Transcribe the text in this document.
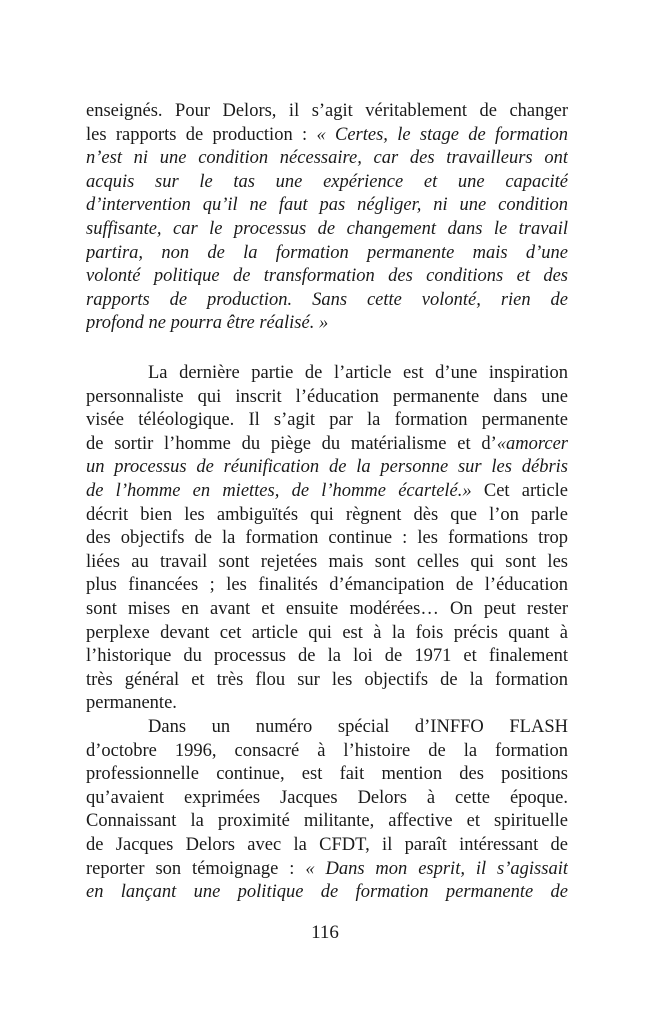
enseignés. Pour Delors, il s’agit véritablement de changer
les rapports de production : « Certes, le stage de formation
n’est ni une condition nécessaire, car des travailleurs ont
acquis sur le tas une expérience et une capacité
d’intervention qu’il ne faut pas négliger, ni une condition
suffisante, car le processus de changement dans le travail
partira, non de la formation permanente mais d’une
volonté politique de transformation des conditions et des
rapports de production. Sans cette volonté, rien de
profond ne pourra être réalisé. »
La dernière partie de l’article est d’une inspiration
personnaliste qui inscrit l’éducation permanente dans une
visée téléologique. Il s’agit par la formation permanente
de sortir l’homme du piège du matérialisme et d’«amorcer
un processus de réunification de la personne sur les débris
de l’homme en miettes, de l’homme écartelé.» Cet article
décrit bien les ambiguïtés qui règnent dès que l’on parle
des objectifs de la formation continue : les formations trop
liées au travail sont rejetées mais sont celles qui sont les
plus financées ; les finalités d’émancipation de l’éducation
sont mises en avant et ensuite modérées… On peut rester
perplexe devant cet article qui est à la fois précis quant à
l’historique du processus de la loi de 1971 et finalement
très général et très flou sur les objectifs de la formation
permanente.
Dans un numéro spécial d’INFFO FLASH
d’octobre 1996, consacré à l’histoire de la formation
professionnelle continue, est fait mention des positions
qu’avaient exprimées Jacques Delors à cette époque.
Connaissant la proximité militante, affective et spirituelle
de Jacques Delors avec la CFDT, il paraît intéressant de
reporter son témoignage : « Dans mon esprit, il s’agissait
en lançant une politique de formation permanente de
116
